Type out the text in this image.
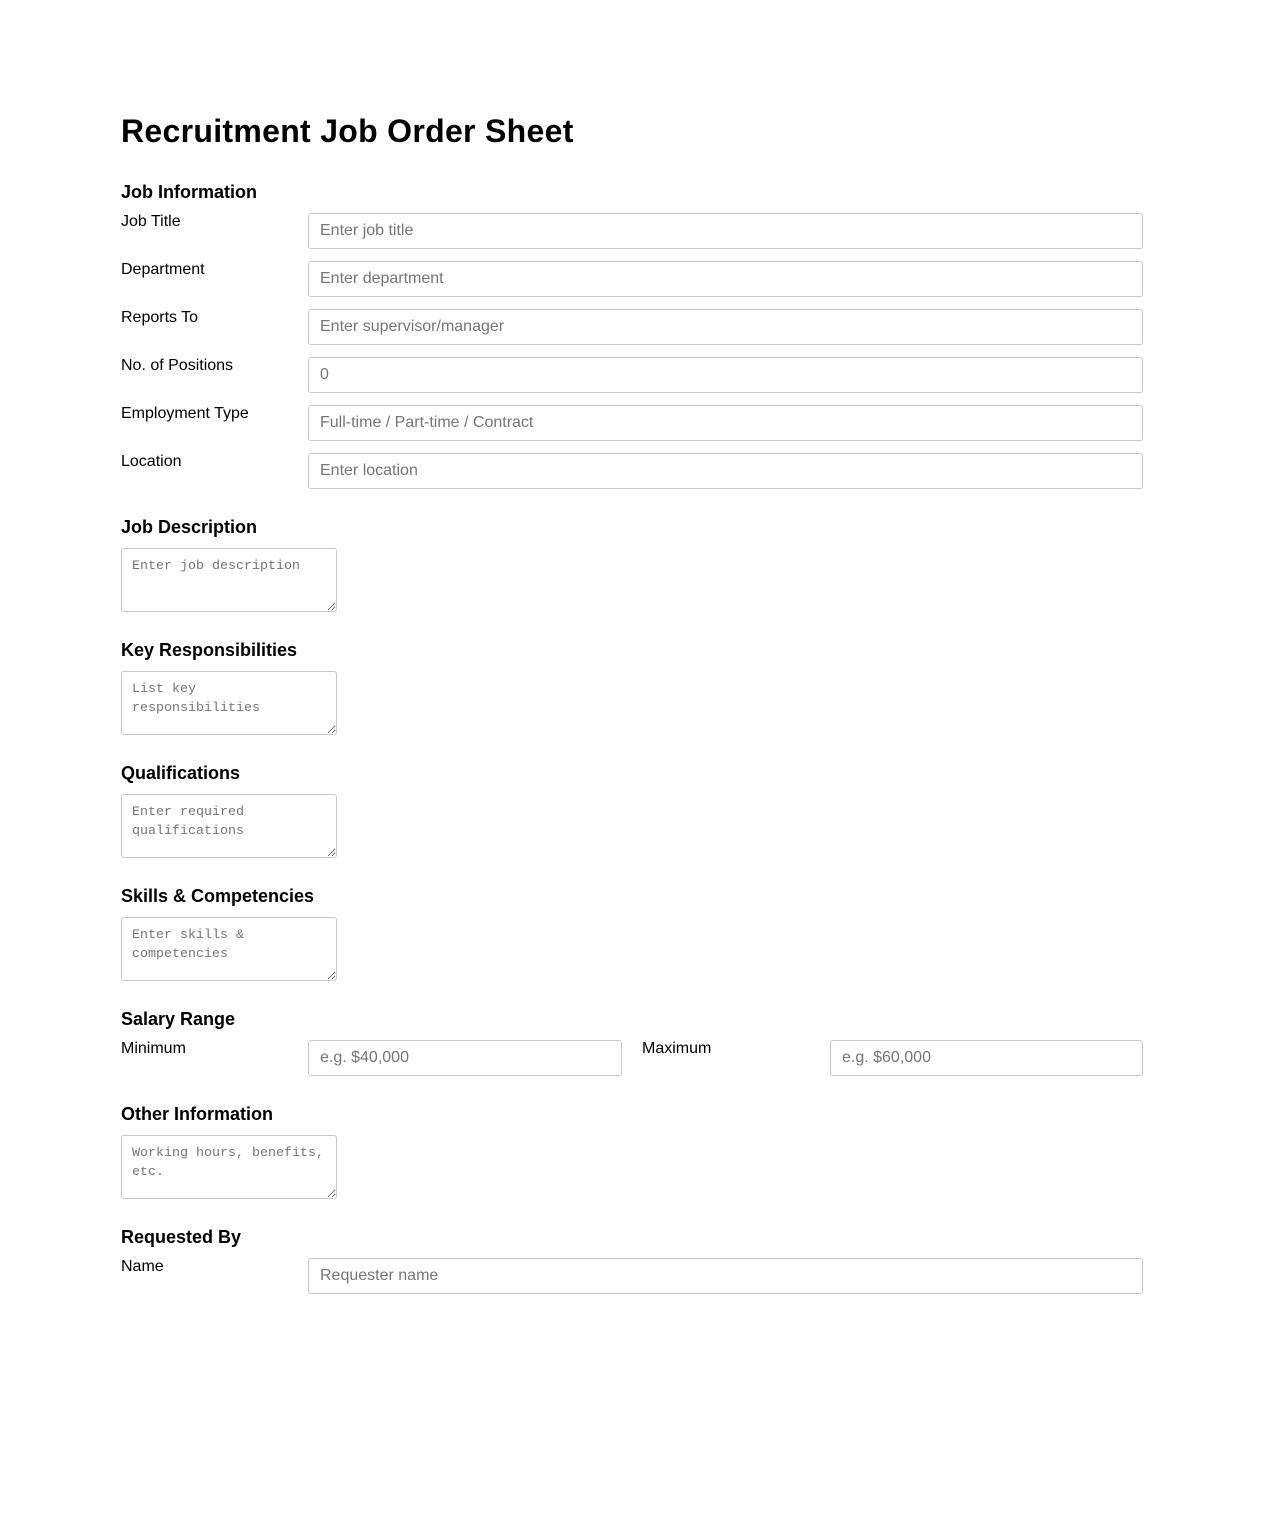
Recruitment Job Order Sheet
Job Information
Job Title
Enter job title
Department
Enter department
Reports To
Enter supervisor/manager
No. of Positions
0
Employment Type
Full-time / Part-time / Contract
Location
Enter location
Job Description
Enter job description
Key Responsibilities
List key responsibilities
Qualifications
Enter required qualifications
Skills & Competencies
Enter skills & competencies
Salary Range
Minimum
e.g. $40,000	Maximum
e.g. $60,000
Other Information
Working hours, benefits, etc.
Requested By
Name
Requester name
